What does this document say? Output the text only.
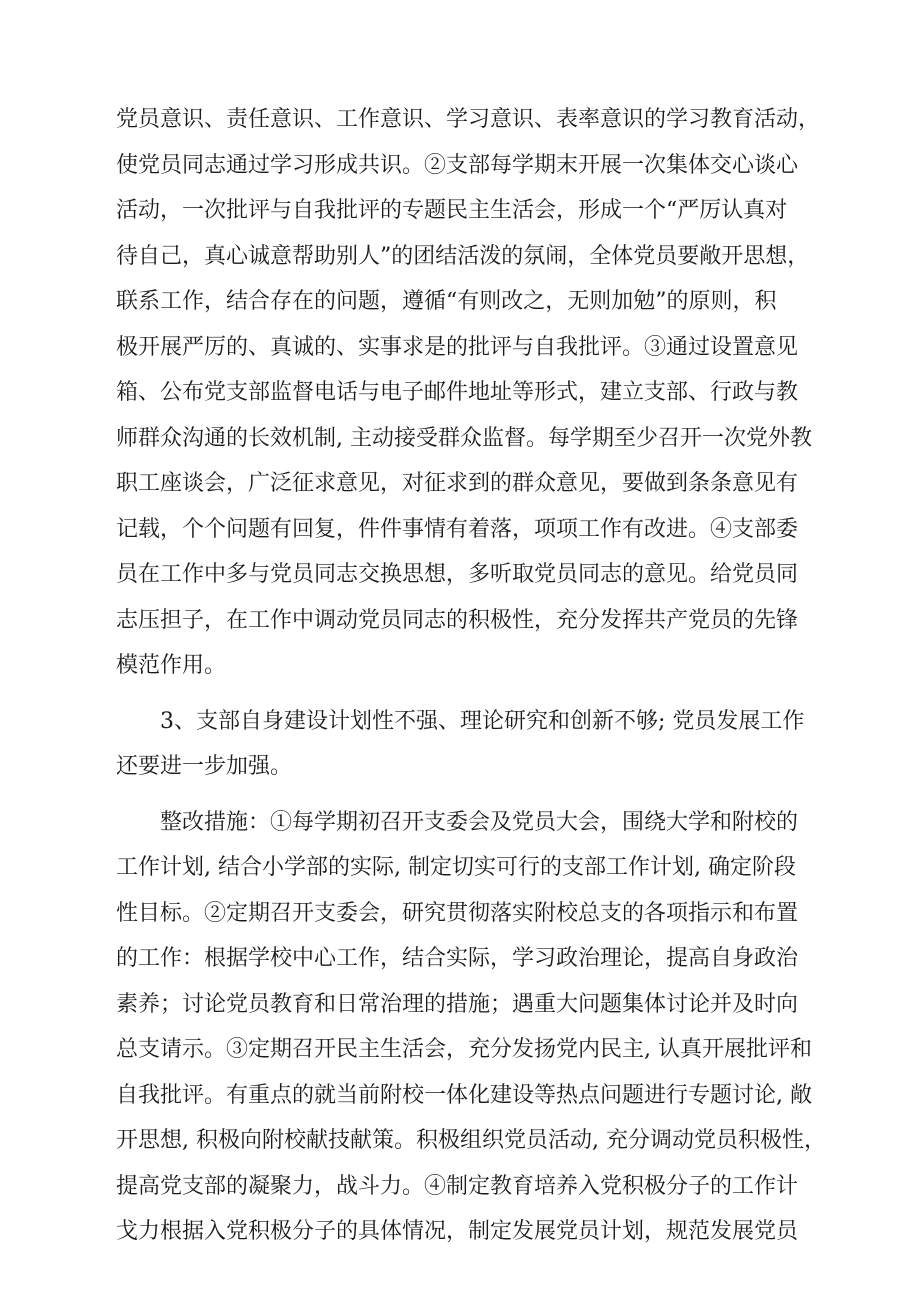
党员意识、责任意识、工作意识、学习意识、表率意识的学习教育活动，
使党员同志通过学习形成共识。②支部每学期末开展一次集体交心谈心
活动，一次批评与自我批评的专题民主生活会，形成一个“严厉认真对
待自己，真心诚意帮助别人”的团结活泼的氛闹，全体党员要敞开思想，
联系工作，结合存在的问题，遵循“有则改之，无则加勉”的原则，积
极开展严厉的、真诚的、实事求是的批评与自我批评。③通过设置意见
箱、公布党支部监督电话与电子邮件地址等形式，建立支部、行政与教
师群众沟通的长效机制, 主动接受群众监督。每学期至少召开一次党外教
职工座谈会，广泛征求意见，对征求到的群众意见，要做到条条意见有
记载，个个问题有回复，件件事情有着落，项项工作有改进。④支部委
员在工作中多与党员同志交换思想，多听取党员同志的意见。给党员同
志压担子，在工作中调动党员同志的积极性，充分发挥共产党员的先锋
模范作用。
3、支部自身建设计划性不强、理论研究和创新不够; 党员发展工作
还要进一步加强。
整改措施：①每学期初召开支委会及党员大会，围绕大学和附校的
工作计划, 结合小学部的实际, 制定切实可行的支部工作计划, 确定阶段
性目标。②定期召开支委会，研究贯彻落实附校总支的各项指示和布置
的工作：根据学校中心工作，结合实际，学习政治理论，提高自身政治
素养；讨论党员教育和日常治理的措施；遇重大问题集体讨论并及时向
总支请示。③定期召开民主生活会，充分发扬党内民主, 认真开展批评和
自我批评。有重点的就当前附校一体化建设等热点问题进行专题讨论, 敞
开思想, 积极向附校献技献策。积极组织党员活动, 充分调动党员积极性，
提高党支部的凝聚力，战斗力。④制定教育培养入党积极分子的工作计
戈力根据入党积极分子的具体情况，制定发展党员计划，规范发展党员
